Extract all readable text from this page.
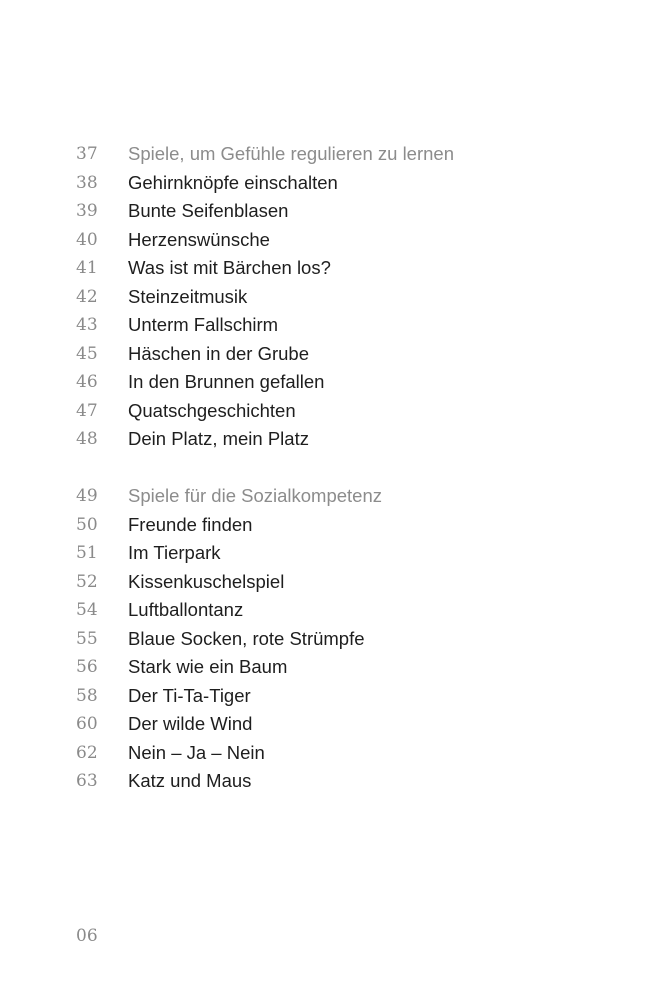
37 Spiele, um Gefühle regulieren zu lernen
38 Gehirnknöpfe einschalten
39 Bunte Seifenblasen
40 Herzenswünsche
41 Was ist mit Bärchen los?
42 Steinzeitmusik
43 Unterm Fallschirm
45 Häschen in der Grube
46 In den Brunnen gefallen
47 Quatschgeschichten
48 Dein Platz, mein Platz
49 Spiele für die Sozialkompetenz
50 Freunde finden
51 Im Tierpark
52 Kissenkuschelspiel
54 Luftballontanz
55 Blaue Socken, rote Strümpfe
56 Stark wie ein Baum
58 Der Ti-Ta-Tiger
60 Der wilde Wind
62 Nein – Ja – Nein
63 Katz und Maus
06
